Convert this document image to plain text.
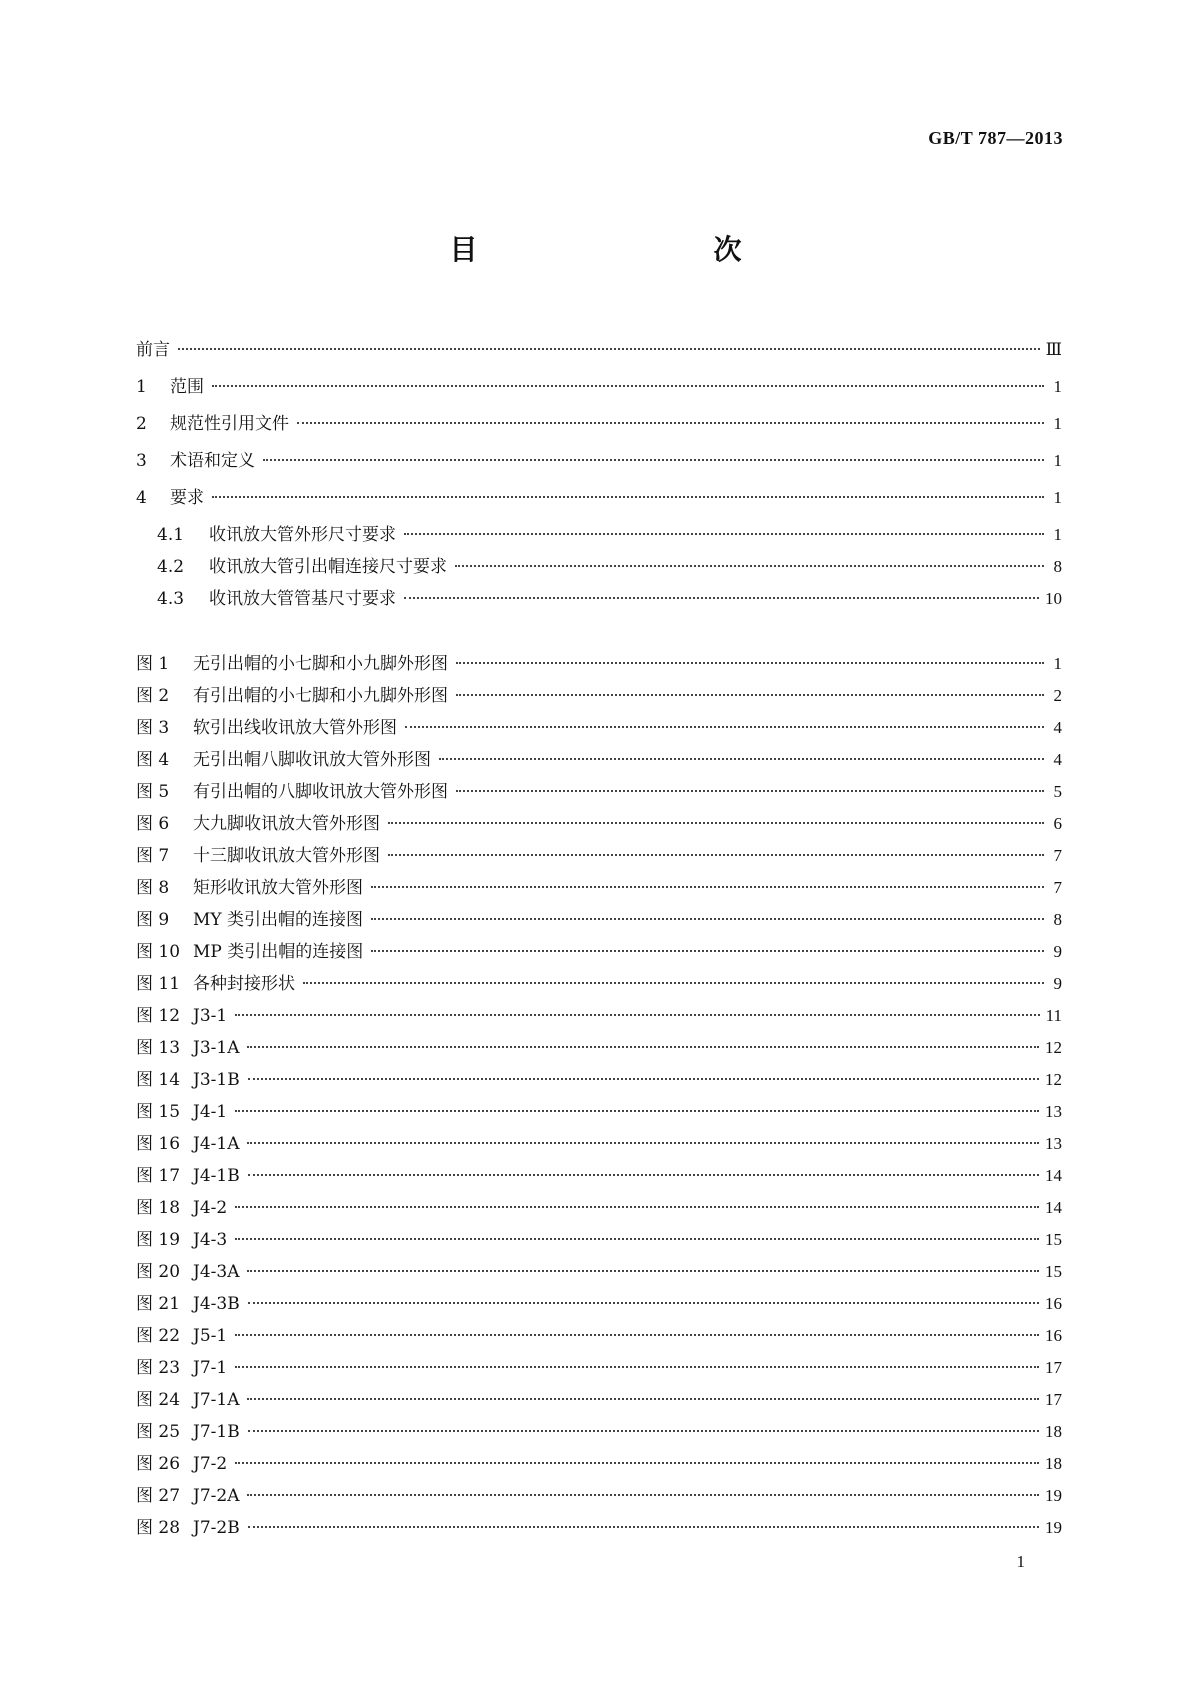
GB/T 787—2013
目　　次
前言	Ⅲ
1	范围	1
2	规范性引用文件	1
3	术语和定义	1
4	要求	1
4.1	收讯放大管外形尺寸要求	1
4.2	收讯放大管引出帽连接尺寸要求	8
4.3	收讯放大管管基尺寸要求	10
图 1	无引出帽的小七脚和小九脚外形图	1
图 2	有引出帽的小七脚和小九脚外形图	2
图 3	软引出线收讯放大管外形图	4
图 4	无引出帽八脚收讯放大管外形图	4
图 5	有引出帽的八脚收讯放大管外形图	5
图 6	大九脚收讯放大管外形图	6
图 7	十三脚收讯放大管外形图	7
图 8	矩形收讯放大管外形图	7
图 9	MY 类引出帽的连接图	8
图 10 MP 类引出帽的连接图	9
图 11 各种封接形状	9
图 12 J3-1	11
图 13 J3-1A	12
图 14 J3-1B	12
图 15 J4-1	13
图 16 J4-1A	13
图 17 J4-1B	14
图 18 J4-2	14
图 19 J4-3	15
图 20 J4-3A	15
图 21 J4-3B	16
图 22 J5-1	16
图 23 J7-1	17
图 24 J7-1A	17
图 25 J7-1B	18
图 26 J7-2	18
图 27 J7-2A	19
图 28 J7-2B	19
1
